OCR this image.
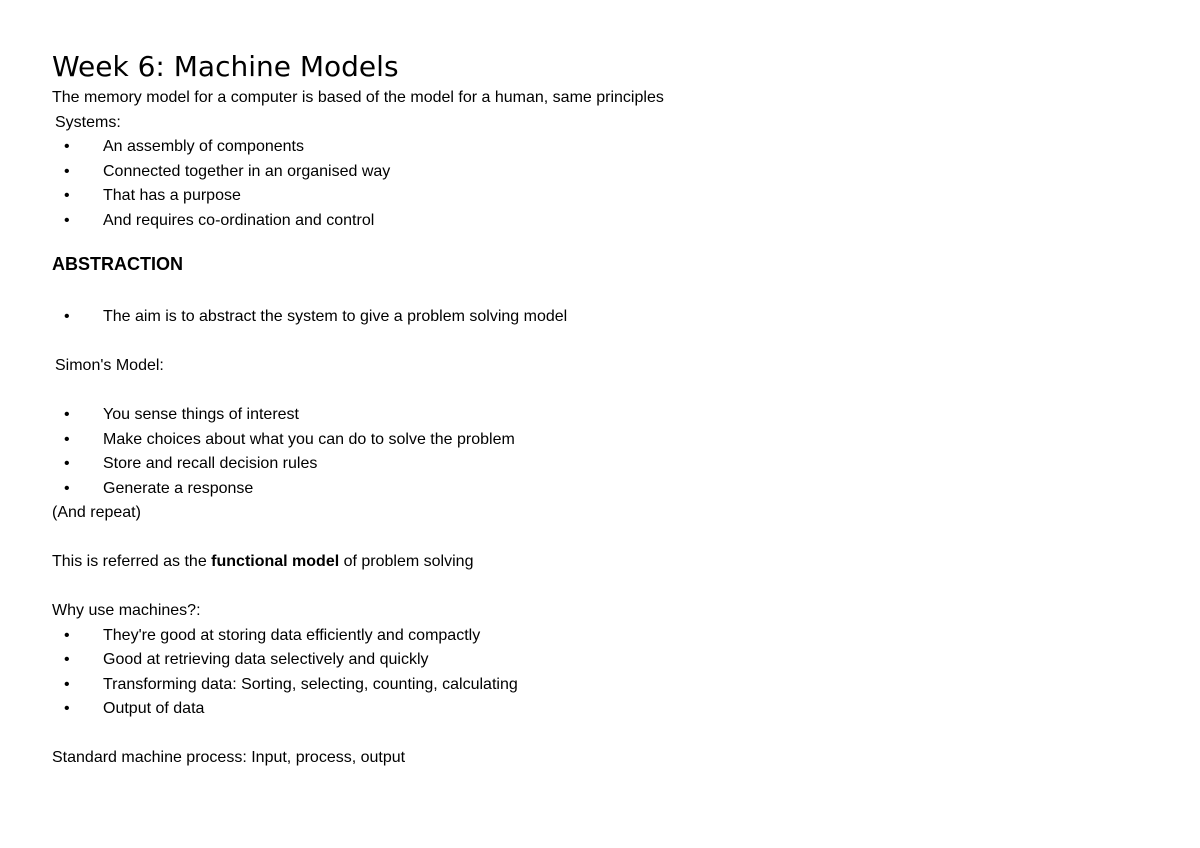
Week 6: Machine Models

The memory model for a computer is based of the model for a human, same principles

Systems:

• An assembly of components
• Connected together in an organised way
• That has a purpose
• And requires co-ordination and control

ABSTRACTION

• The aim is to abstract the system to give a problem solving model

Simon's Model:

• You sense things of interest
• Make choices about what you can do to solve the problem
• Store and recall decision rules
• Generate a response

(And repeat)

This is referred as the functional model of problem solving

Why use machines?:

• They're good at storing data efficiently and compactly
• Good at retrieving data selectively and quickly
• Transforming data: Sorting, selecting, counting, calculating
• Output of data

Standard machine process: Input, process, output
